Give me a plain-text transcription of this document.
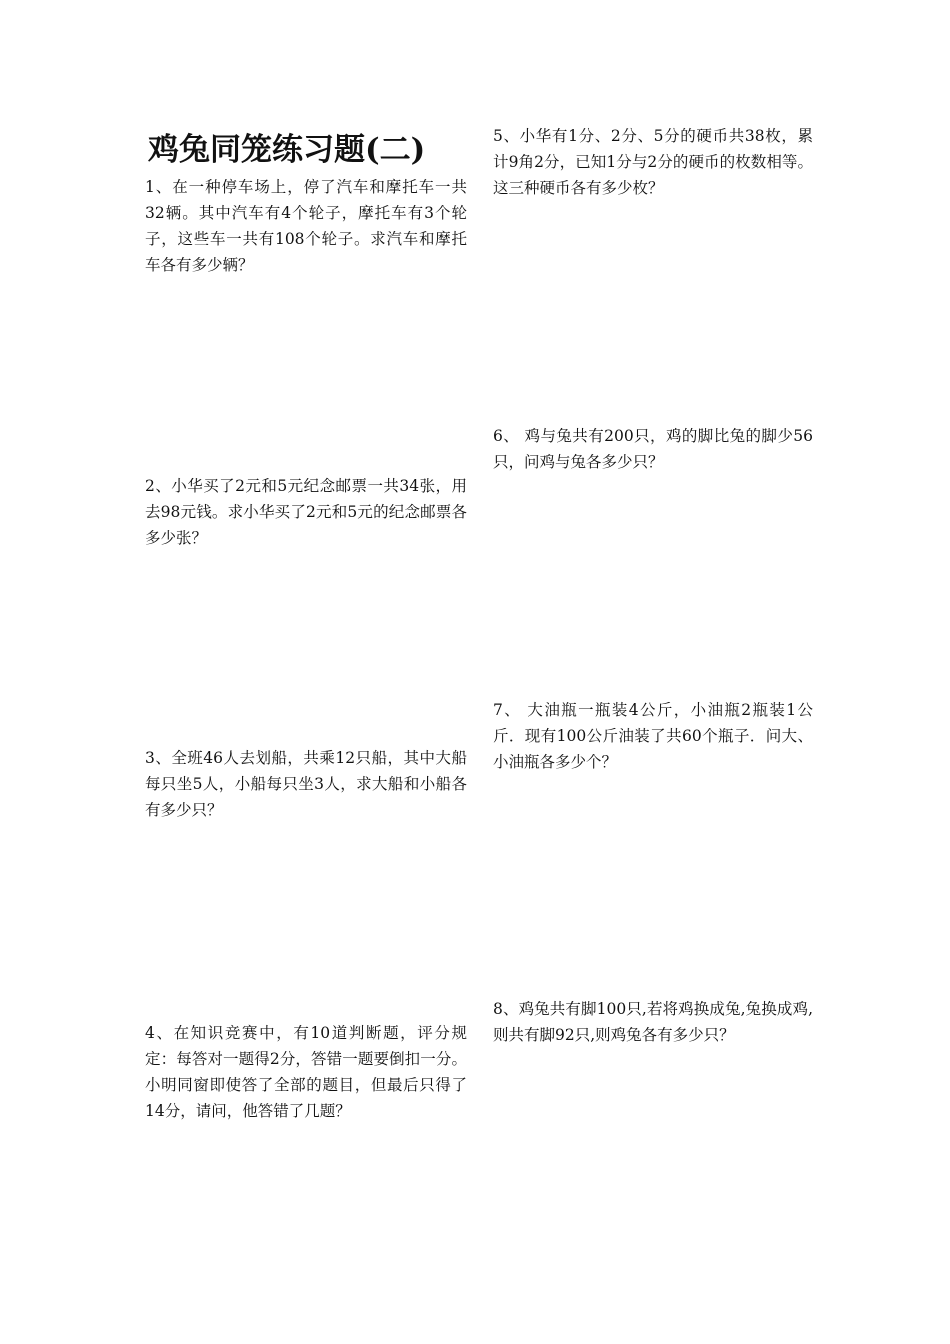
鸡兔同笼练习题(二)
1、在一种停车场上，停了汽车和摩托车一共32辆。其中汽车有4个轮子，摩托车有3个轮子，这些车一共有108个轮子。求汽车和摩托车各有多少辆？
2、小华买了2元和5元纪念邮票一共34张，用去98元钱。求小华买了2元和5元的纪念邮票各多少张？
3、全班46人去划船，共乘12只船，其中大船每只坐5人，小船每只坐3人，求大船和小船各有多少只？
4、在知识竞赛中，有10道判断题，评分规定：每答对一题得2分，答错一题要倒扣一分。小明同窗即使答了全部的题目，但最后只得了14分，请问，他答错了几题？
5、小华有1分、2分、5分的硬币共38枚，累计9角2分，已知1分与2分的硬币的枚数相等。这三种硬币各有多少枚？
6、 鸡与兔共有200只，鸡的脚比兔的脚少56只，问鸡与兔各多少只？
7、 大油瓶一瓶装4公斤，小油瓶2瓶装1公斤．现有100公斤油装了共60个瓶子．问大、小油瓶各多少个？
8、鸡兔共有脚100只,若将鸡换成兔,兔换成鸡,则共有脚92只,则鸡兔各有多少只？
